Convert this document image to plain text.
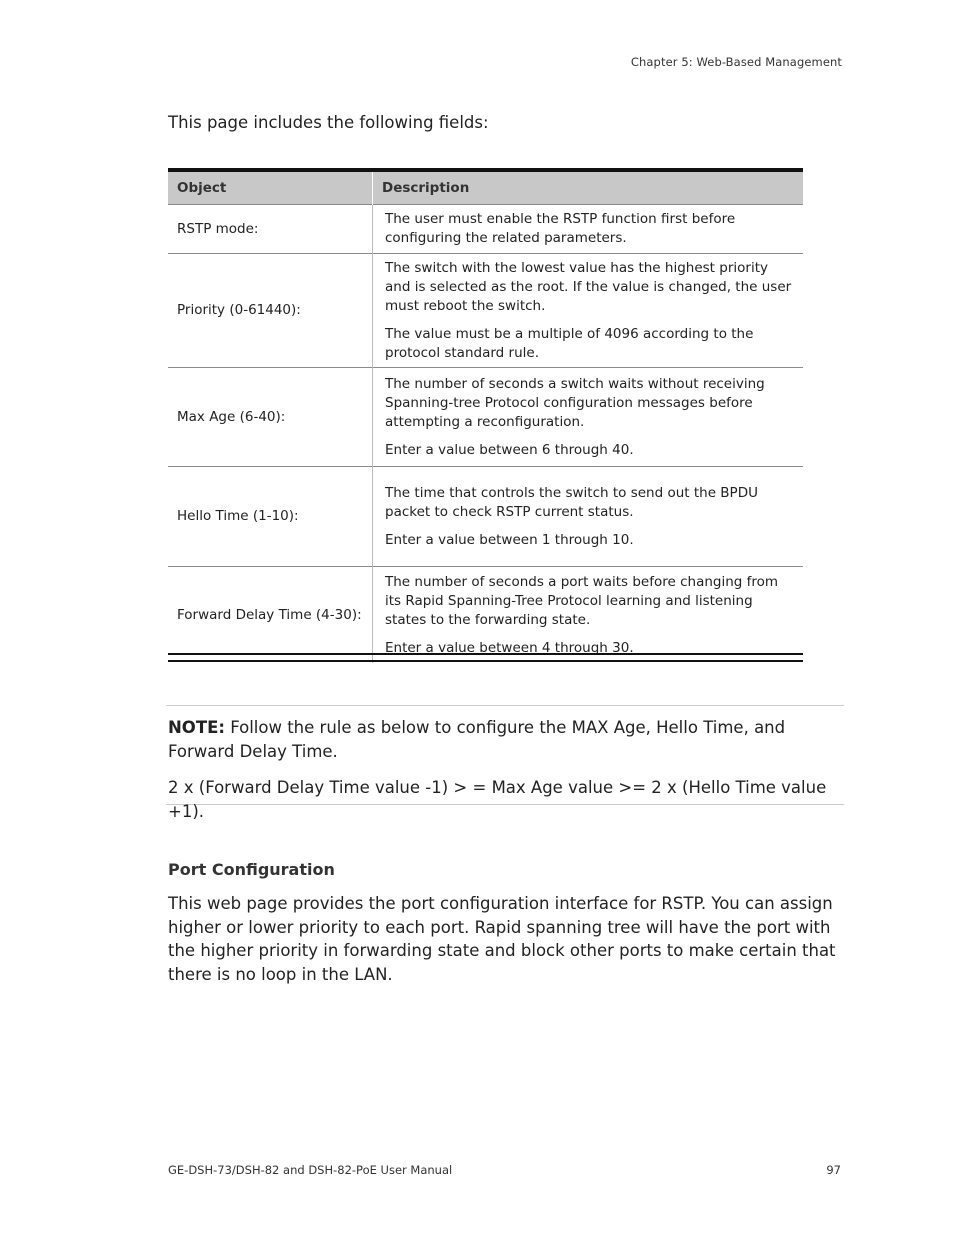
Chapter 5: Web-Based Management
This page includes the following fields:
Object	Description
RSTP mode:	The user must enable the RSTP function first before configuring the related parameters.

Priority (0-61440):	The switch with the lowest value has the highest priority and is selected as the root. If the value is changed, the user must reboot the switch.

The value must be a multiple of 4096 according to the protocol standard rule.

Max Age (6-40):	The number of seconds a switch waits without receiving Spanning-tree Protocol configuration messages before attempting a reconfiguration.

Enter a value between 6 through 40.

Hello Time (1-10):	The time that controls the switch to send out the BPDU packet to check RSTP current status.

Enter a value between 1 through 10.

Forward Delay Time (4-30):	The number of seconds a port waits before changing from its Rapid Spanning-Tree Protocol learning and listening states to the forwarding state.

Enter a value between 4 through 30.

NOTE: Follow the rule as below to configure the MAX Age, Hello Time, and Forward Delay Time.

2 x (Forward Delay Time value -1) > = Max Age value >= 2 x (Hello Time value +1).

Port Configuration

This web page provides the port configuration interface for RSTP. You can assign higher or lower priority to each port. Rapid spanning tree will have the port with the higher priority in forwarding state and block other ports to make certain that there is no loop in the LAN.

GE-DSH-73/DSH-82 and DSH-82-PoE User Manual	97
